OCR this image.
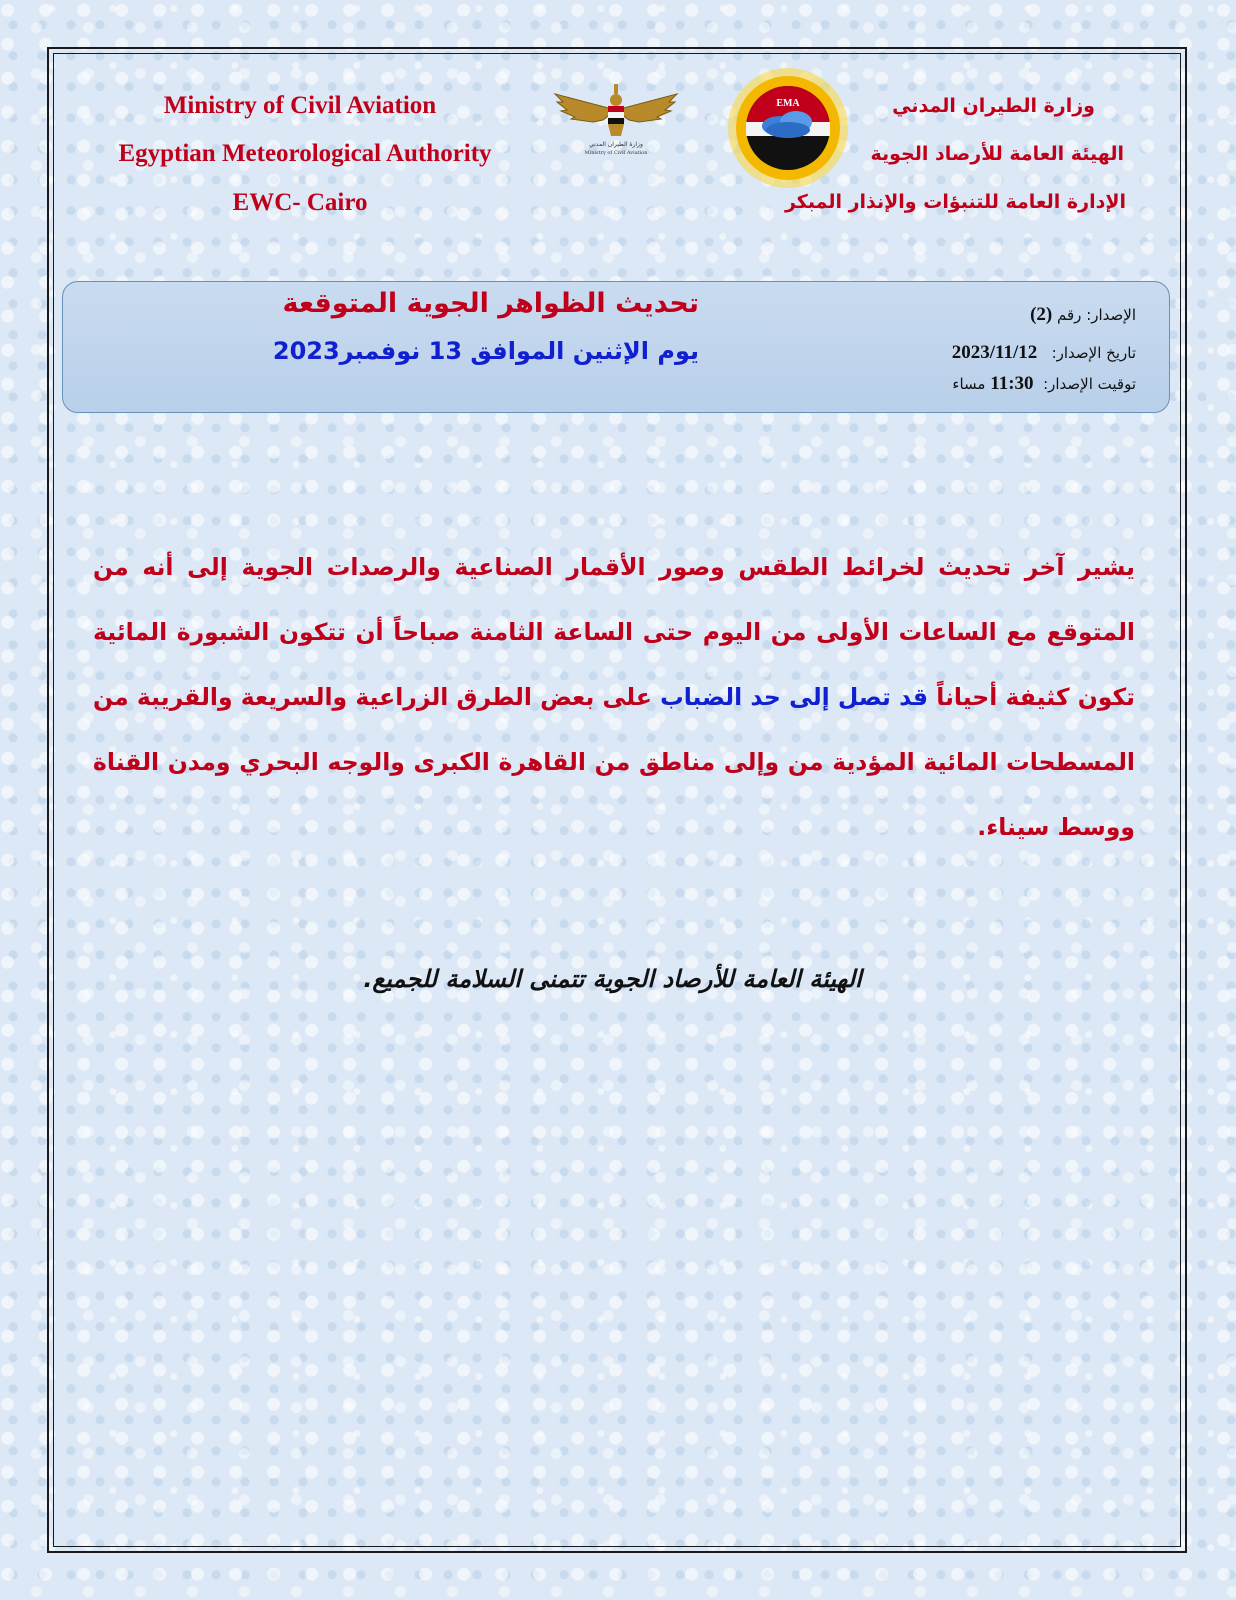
Ministry of Civil Aviation
Egyptian Meteorological Authority
EWC- Cairo
وزارة الطيران المدني
Ministry of Civil Aviation
EMA	وزارة الطيران المدني
الهيئة العامة للأرصاد الجوية
الإدارة العامة للتنبؤات والإنذار المبكر
تحديث الظواهر الجوية المتوقعة
يوم الإثنين الموافق 13 نوفمبر2023
الإصدار: رقم (2)
تاريخ الإصدار:   2023/11/12
توقيت الإصدار:  11:30 مساء
يشير آخر تحديث لخرائط الطقس وصور الأقمار الصناعية والرصدات الجوية إلى أنه من المتوقع مع الساعات الأولى من اليوم حتى الساعة الثامنة صباحاً أن تتكون الشبورة المائية تكون كثيفة أحياناً قد تصل إلى حد الضباب على بعض الطرق الزراعية والسريعة والقريبة من المسطحات المائية المؤدية من وإلى مناطق من القاهرة الكبرى والوجه البحري ومدن القناة ووسط سيناء.
الهيئة العامة للأرصاد الجوية تتمنى السلامة للجميع.
